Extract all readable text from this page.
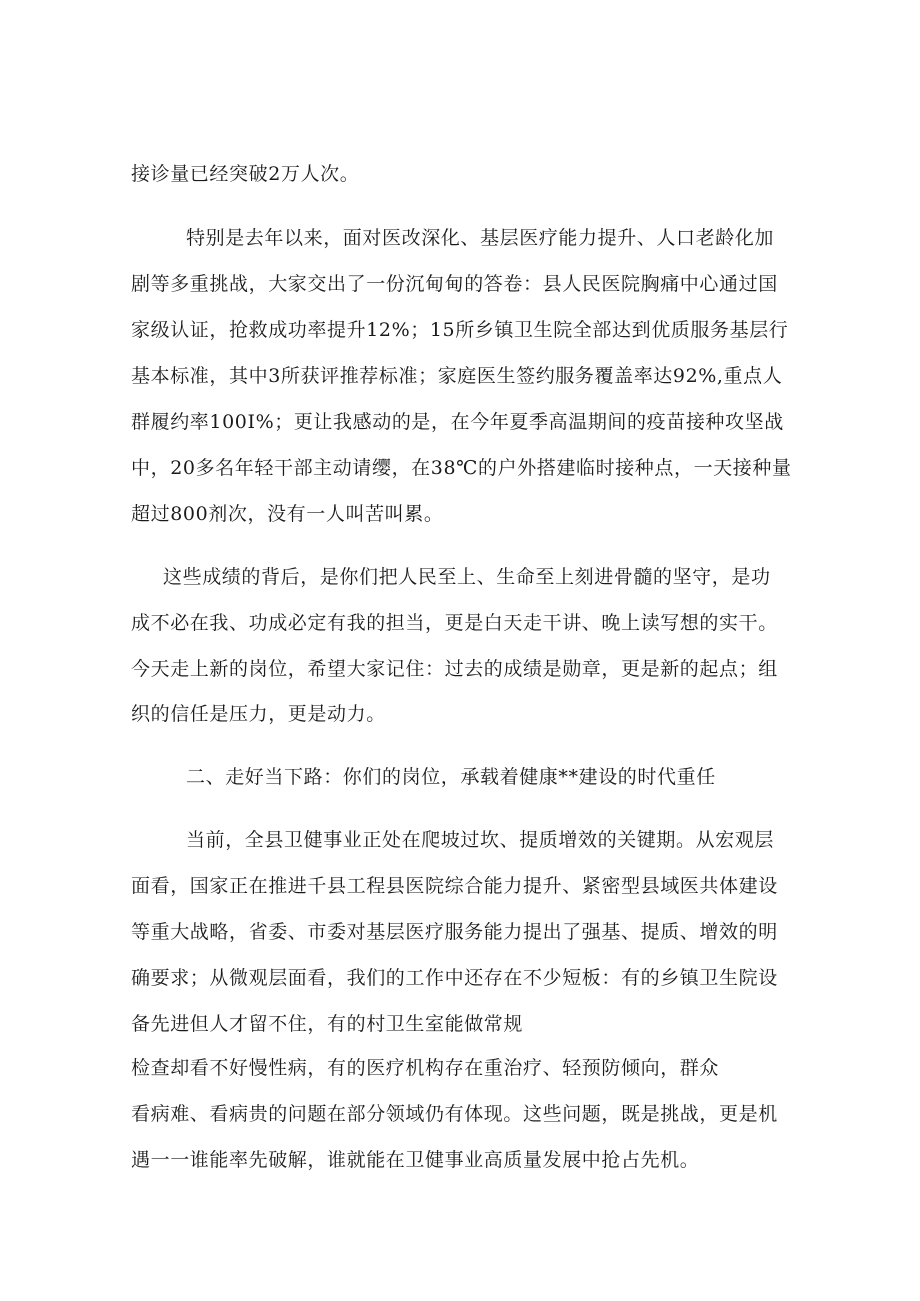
接诊量已经突破2万人次。

特别是去年以来，面对医改深化、基层医疗能力提升、人口老龄化加

剧等多重挑战，大家交出了一份沉甸甸的答卷：县人民医院胸痛中心通过国

家级认证，抢救成功率提升12%；15所乡镇卫生院全部达到优质服务基层行

基本标准，其中3所获评推荐标准；家庭医生签约服务覆盖率达92%,重点人

群履约率100I%；更让我感动的是，在今年夏季高温期间的疫苗接种攻坚战

中，20多名年轻干部主动请缨，在38℃的户外搭建临时接种点，一天接种量

超过800剂次，没有一人叫苦叫累。

这些成绩的背后，是你们把人民至上、生命至上刻进骨髓的坚守，是功

成不必在我、功成必定有我的担当，更是白天走干讲、晚上读写想的实干。

今天走上新的岗位，希望大家记住：过去的成绩是勋章，更是新的起点；组

织的信任是压力，更是动力。

二、走好当下路：你们的岗位，承载着健康**建设的时代重任

当前，全县卫健事业正处在爬坡过坎、提质增效的关键期。从宏观层

面看，国家正在推进千县工程县医院综合能力提升、紧密型县域医共体建设

等重大战略，省委、市委对基层医疗服务能力提出了强基、提质、增效的明

确要求；从微观层面看，我们的工作中还存在不少短板：有的乡镇卫生院设

备先进但人才留不住，有的村卫生室能做常规

检查却看不好慢性病，有的医疗机构存在重治疗、轻预防倾向，群众

看病难、看病贵的问题在部分领域仍有体现。这些问题，既是挑战，更是机

遇一一谁能率先破解，谁就能在卫健事业高质量发展中抢占先机。
